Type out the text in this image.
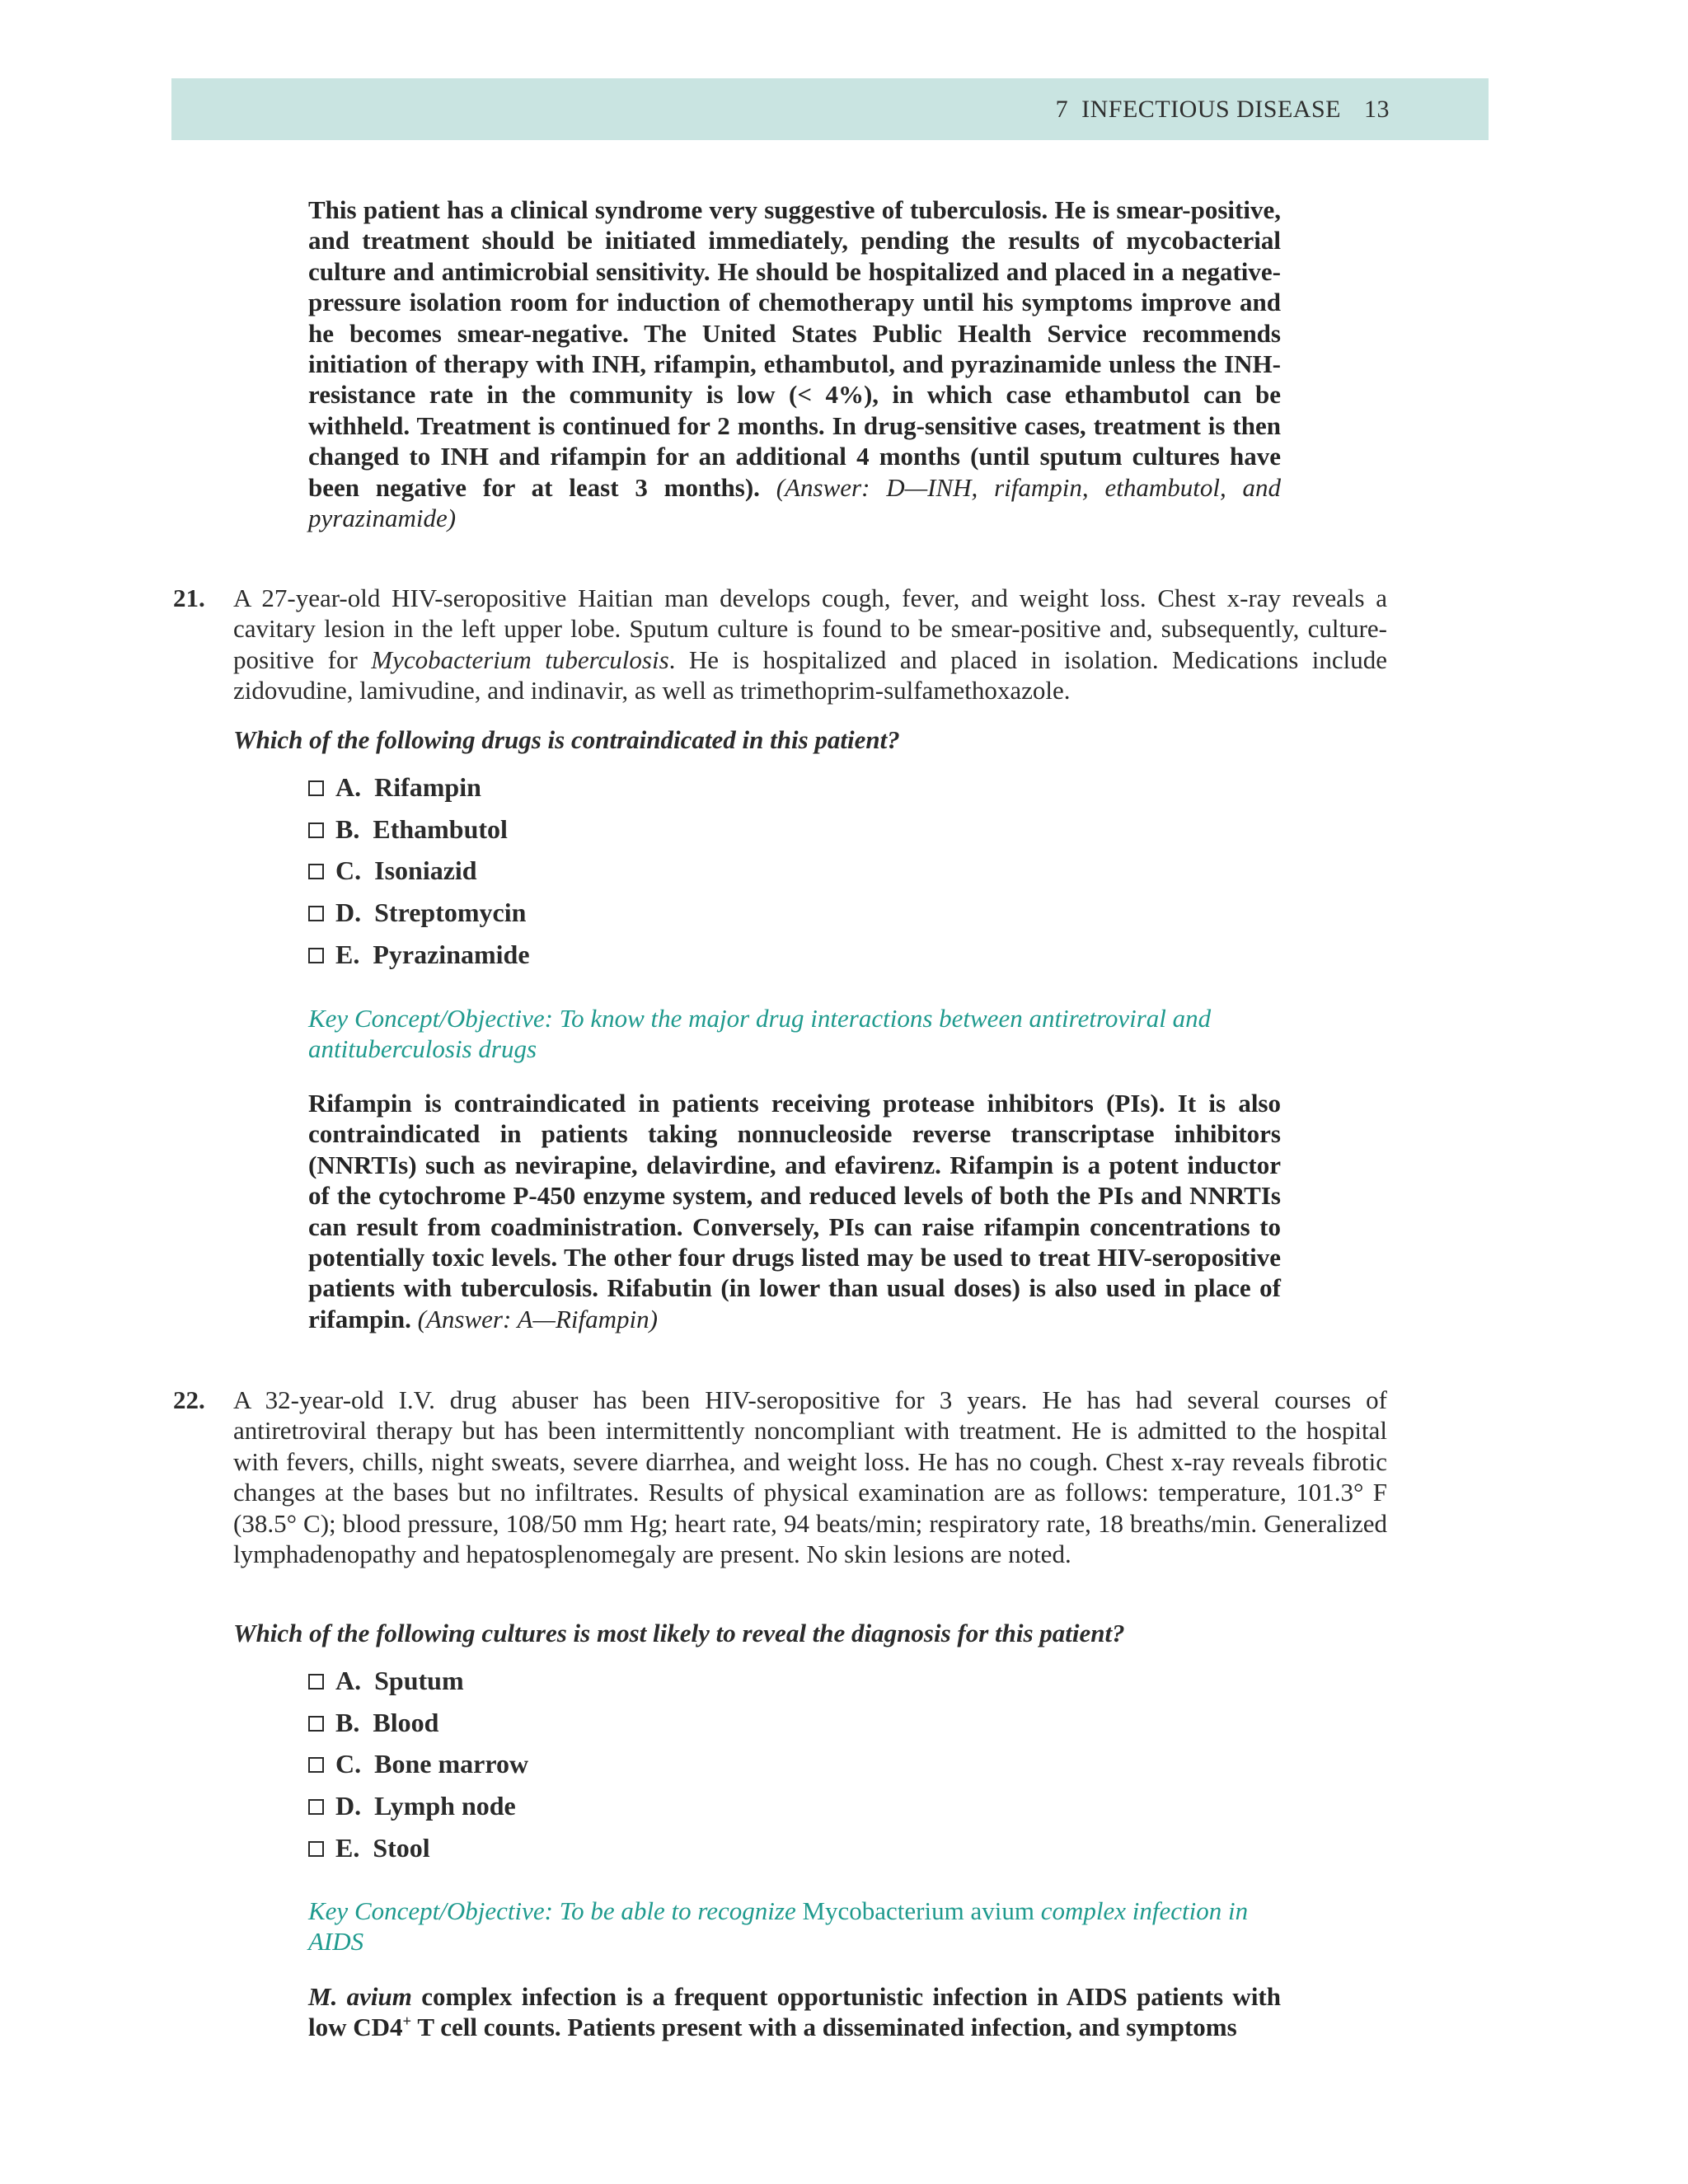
7  INFECTIOUS DISEASE 13
This patient has a clinical syndrome very suggestive of tuberculosis. He is smear-positive, and treatment should be initiated immediately, pending the results of mycobacterial culture and antimicrobial sensitivity. He should be hospitalized and placed in a negative-pressure isolation room for induction of chemotherapy until his symptoms improve and he becomes smear-negative. The United States Public Health Service recommends initiation of therapy with INH, rifampin, ethambutol, and pyrazinamide unless the INH-resistance rate in the community is low (< 4%), in which case ethambutol can be withheld. Treatment is continued for 2 months. In drug-sensitive cases, treatment is then changed to INH and rifampin for an additional 4 months (until sputum cultures have been negative for at least 3 months). (Answer: D—INH, rifampin, ethambutol, and pyrazinamide)
21. A 27-year-old HIV-seropositive Haitian man develops cough, fever, and weight loss. Chest x-ray reveals a cavitary lesion in the left upper lobe. Sputum culture is found to be smear-positive and, subsequently, culture-positive for Mycobacterium tuberculosis. He is hospitalized and placed in isolation. Medications include zidovudine, lamivudine, and indinavir, as well as trimethoprim-sulfamethoxazole.
Which of the following drugs is contraindicated in this patient?
A. Rifampin
B. Ethambutol
C. Isoniazid
D. Streptomycin
E. Pyrazinamide
Key Concept/Objective: To know the major drug interactions between antiretroviral and antituberculosis drugs
Rifampin is contraindicated in patients receiving protease inhibitors (PIs). It is also contraindicated in patients taking nonnucleoside reverse transcriptase inhibitors (NNRTIs) such as nevirapine, delavirdine, and efavirenz. Rifampin is a potent inductor of the cytochrome P-450 enzyme system, and reduced levels of both the PIs and NNRTIs can result from coadministration. Conversely, PIs can raise rifampin concentrations to potentially toxic levels. The other four drugs listed may be used to treat HIV-seropositive patients with tuberculosis. Rifabutin (in lower than usual doses) is also used in place of rifampin. (Answer: A—Rifampin)
22. A 32-year-old I.V. drug abuser has been HIV-seropositive for 3 years. He has had several courses of antiretroviral therapy but has been intermittently noncompliant with treatment. He is admitted to the hospital with fevers, chills, night sweats, severe diarrhea, and weight loss. He has no cough. Chest x-ray reveals fibrotic changes at the bases but no infiltrates. Results of physical examination are as follows: temperature, 101.3° F (38.5° C); blood pressure, 108/50 mm Hg; heart rate, 94 beats/min; respiratory rate, 18 breaths/min. Generalized lymphadenopathy and hepatosplenomegaly are present. No skin lesions are noted.
Which of the following cultures is most likely to reveal the diagnosis for this patient?
A. Sputum
B. Blood
C. Bone marrow
D. Lymph node
E. Stool
Key Concept/Objective: To be able to recognize Mycobacterium avium complex infection in AIDS
M. avium complex infection is a frequent opportunistic infection in AIDS patients with low CD4+ T cell counts. Patients present with a disseminated infection, and symptoms
